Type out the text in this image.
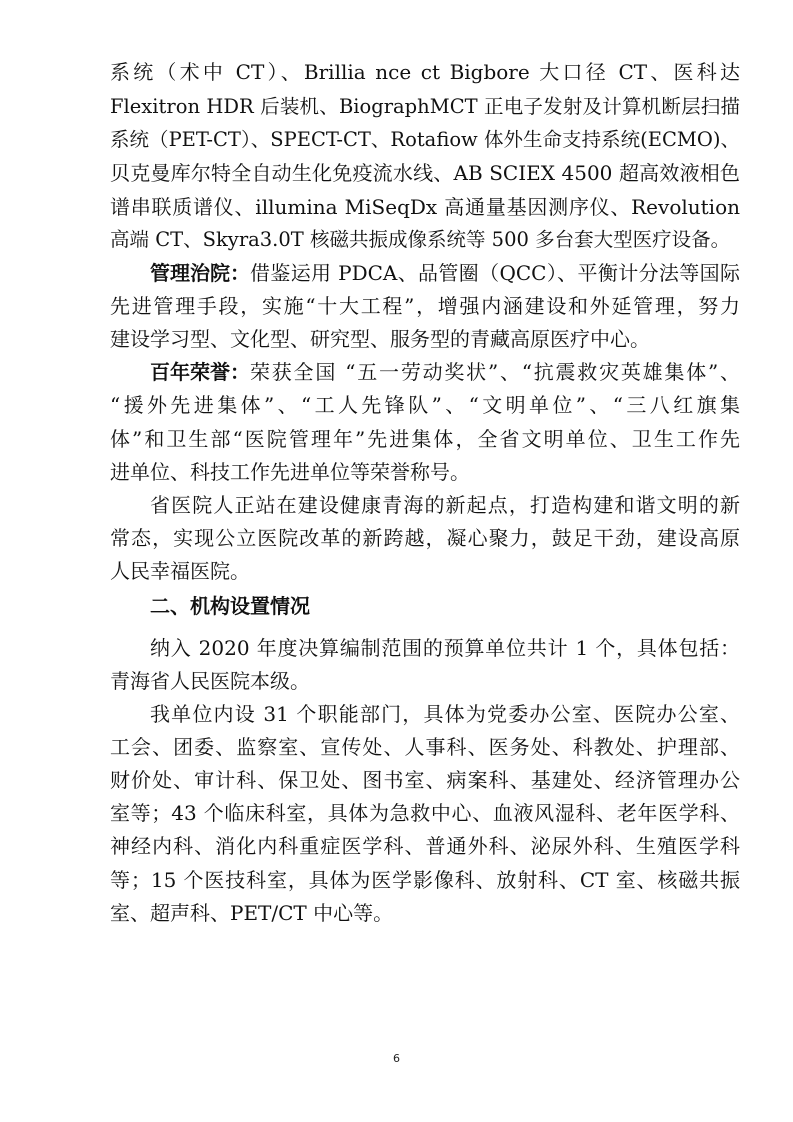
系统（术中 CT）、Brillia nce ct Bigbore 大口径 CT、医科达
Flexitron HDR 后装机、BiographMCT 正电子发射及计算机断层扫描
系统（PET-CT）、SPECT-CT、Rotafiow 体外生命支持系统(ECMO)、
贝克曼库尔特全自动生化免疫流水线、AB SCIEX 4500 超高效液相色
谱串联质谱仪、illumina MiSeqDx 高通量基因测序仪、Revolution
高端 CT、Skyra3.0T 核磁共振成像系统等 500 多台套大型医疗设备。
管理治院： 借鉴运用 PDCA、品管圈（QCC）、平衡计分法等国际
先进管理手段，实施“十大工程”，增强内涵建设和外延管理，努力
建设学习型、文化型、研究型、服务型的青藏高原医疗中心。
百年荣誉： 荣获全国 “五一劳动奖状”、“抗震救灾英雄集体”、
“援外先进集体”、“工人先锋队”、“文明单位”、“三八红旗集
体”和卫生部“医院管理年”先进集体，全省文明单位、卫生工作先
进单位、科技工作先进单位等荣誉称号。
省医院人正站在建设健康青海的新起点，打造构建和谐文明的新
常态，实现公立医院改革的新跨越，凝心聚力，鼓足干劲，建设高原
人民幸福医院。
二、机构设置情况
纳入 2020 年度决算编制范围的预算单位共计 1 个，具体包括：
青海省人民医院本级。
我单位内设 31 个职能部门，具体为党委办公室、医院办公室、
工会、团委、监察室、宣传处、人事科、医务处、科教处、护理部、
财价处、审计科、保卫处、图书室、病案科、基建处、经济管理办公
室等；43 个临床科室，具体为急救中心、血液风湿科、老年医学科、
神经内科、消化内科重症医学科、普通外科、泌尿外科、生殖医学科
等；15 个医技科室，具体为医学影像科、放射科、CT 室、核磁共振
室、超声科、PET/CT 中心等。
6
